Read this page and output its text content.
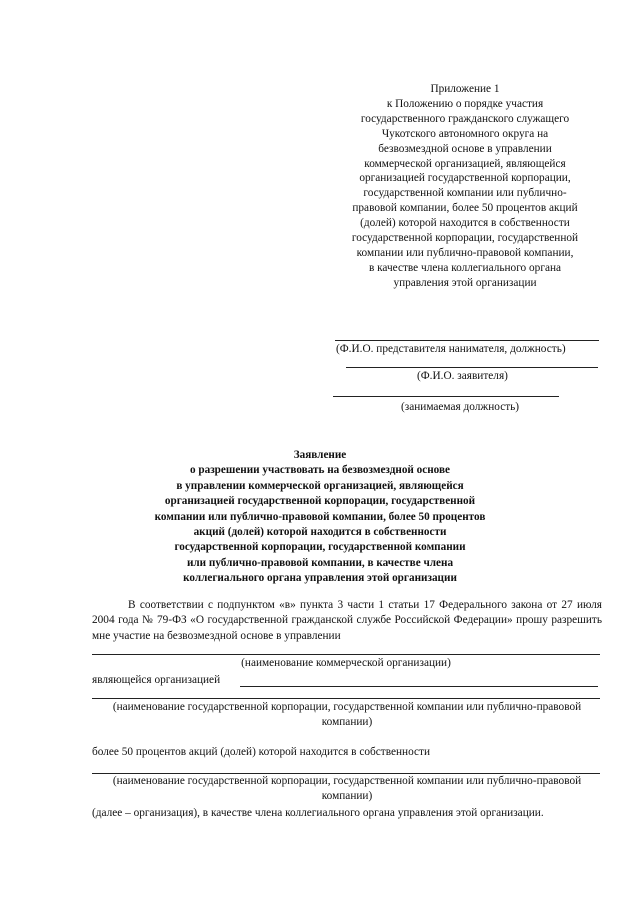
Приложение 1
к Положению о порядке участия
государственного гражданского служащего
Чукотского автономного округа на
безвозмездной основе в управлении
коммерческой организацией, являющейся
организацией государственной корпорации,
государственной компании или публично-
правовой компании, более 50 процентов акций
(долей) которой находится в собственности
государственной корпорации, государственной
компании или публично-правовой компании,
в качестве члена коллегиального органа
управления этой организации
(Ф.И.О. представителя нанимателя, должность)
(Ф.И.О. заявителя)
(занимаемая должность)
Заявление
о разрешении участвовать на безвозмездной основе
в управлении коммерческой организацией, являющейся
организацией государственной корпорации, государственной
компании или публично-правовой компании, более 50 процентов
акций (долей) которой находится в собственности
государственной корпорации, государственной компании
или публично-правовой компании, в качестве члена
коллегиального органа управления этой организации
В соответствии с подпунктом «в» пункта 3 части 1 статьи 17 Федерального закона от 27 июля 2004 года № 79-ФЗ «О государственной гражданской службе Российской Федерации» прошу разрешить мне участие на безвозмездной основе в управлении
(наименование коммерческой организации)
являющейся организацией
(наименование государственной корпорации, государственной компании или публично-правовой компании)
более 50 процентов акций (долей) которой находится в собственности
(наименование государственной корпорации, государственной компании или публично-правовой компании)
(далее – организация), в качестве члена коллегиального органа управления этой организации.
